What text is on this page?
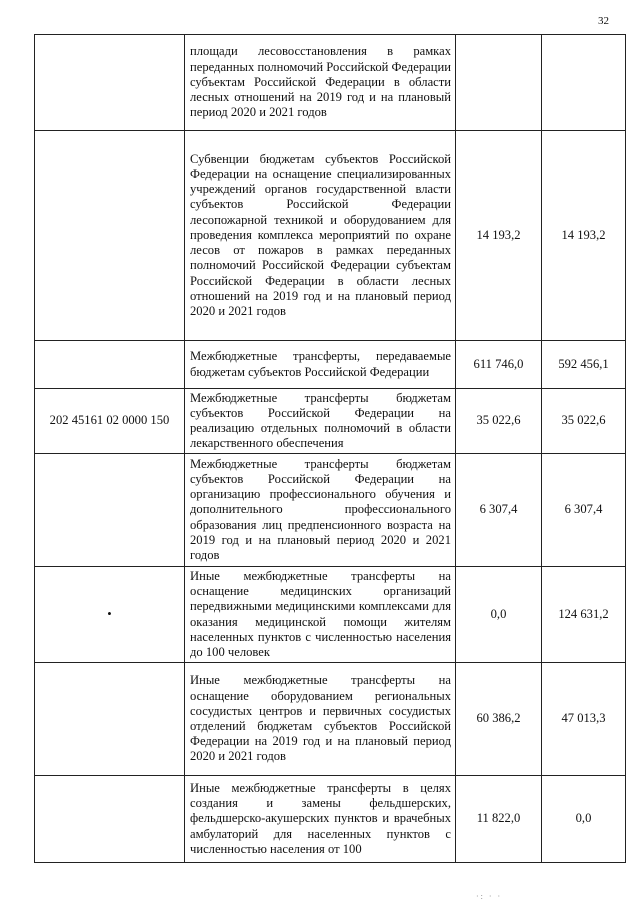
32
	площади лесовосстановления в рамках переданных полномочий Российской Федерации субъектам Российской Федерации в области лесных отношений на 2019 год и на плановый период 2020 и 2021 годов		
	Субвенции бюджетам субъектов Российской Федерации на оснащение специализированных учреждений органов государственной власти субъектов Российской Федерации лесопожарной техникой и оборудованием для проведения комплекса мероприятий по охране лесов от пожаров в рамках переданных полномочий Российской Федерации субъектам Российской Федерации в области лесных отношений на 2019 год и на плановый период 2020 и 2021 годов	14 193,2	14 193,2
	Межбюджетные трансферты, передаваемые бюджетам субъектов Российской Федерации	611 746,0	592 456,1
202 45161 02 0000 150	Межбюджетные трансферты бюджетам субъектов Российской Федерации на реализацию отдельных полномочий в области лекарственного обеспечения	35 022,6	35 022,6
	Межбюджетные трансферты бюджетам субъектов Российской Федерации на организацию профессионального обучения и дополнительного профессионального образования лиц предпенсионного возраста на 2019 год и на плановый период 2020 и 2021 годов	6 307,4	6 307,4
•	Иные межбюджетные трансферты на оснащение медицинских организаций передвижными медицинскими комплексами для оказания медицинской помощи жителям населенных пунктов с численностью населения до 100 человек	0,0	124 631,2
	Иные межбюджетные трансферты на оснащение оборудованием региональных сосудистых центров и первичных сосудистых отделений бюджетам субъектов Российской Федерации на 2019 год и на плановый период 2020 и 2021 годов	60 386,2	47 013,3
	Иные межбюджетные трансферты в целях создания и замены фельдшерских, фельдшерско-акушерских пунктов и врачебных амбулаторий для населенных пунктов с численностью населения от 100	11 822,0	0,0
·: · ·
